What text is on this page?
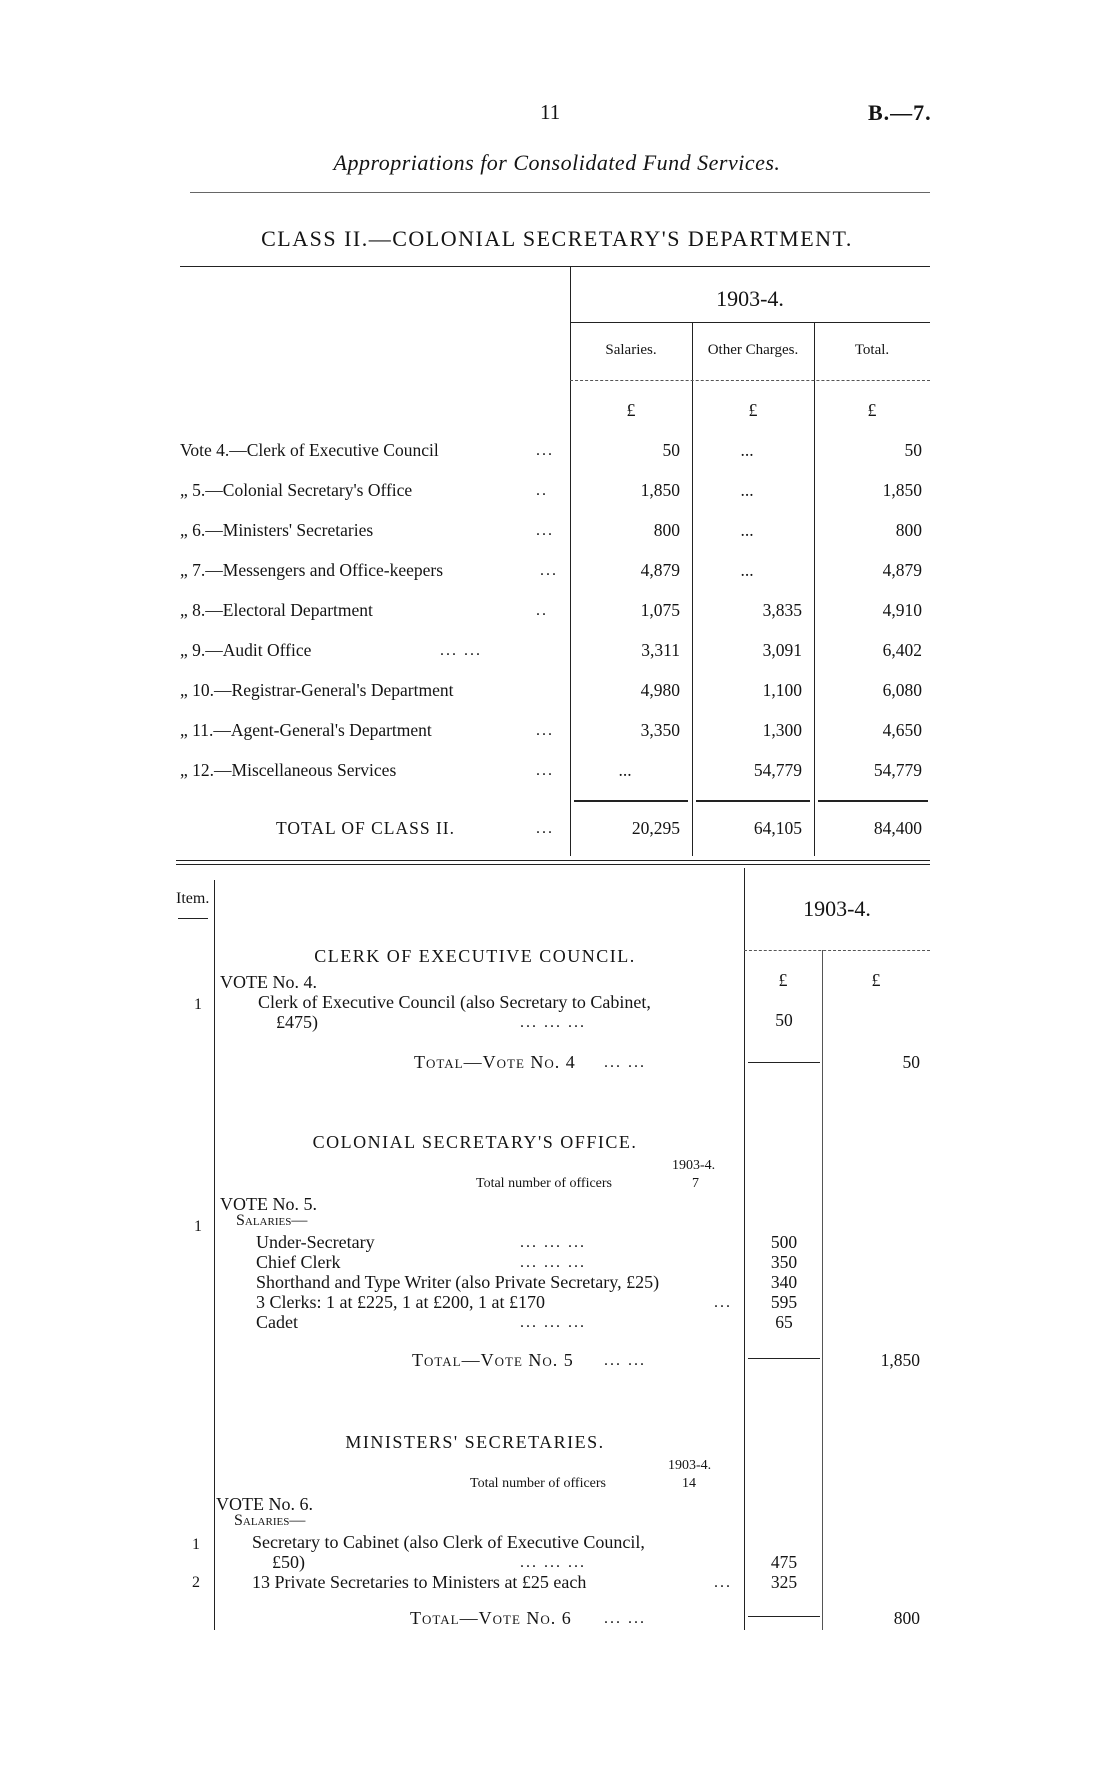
11	B.—7.
Appropriations for Consolidated Fund Services.
CLASS II.—COLONIAL SECRETARY'S DEPARTMENT.
1903-4.
Salaries.	Other Charges.	Total.
£	£	£
Vote 4.—Clerk of Executive Council	...	50	...	50
„ 5.—Colonial Secretary's Office	..	1,850	...	1,850
„ 6.—Ministers' Secretaries	...	800	...	800
„ 7.—Messengers and Office-keepers	...	4,879	...	4,879
„ 8.—Electoral Department	..	1,075	3,835	4,910
„ 9.—Audit Office	... ...	3,311	3,091	6,402
„ 10.—Registrar-General's Department	4,980	1,100	6,080
„ 11.—Agent-General's Department	...	3,350	1,300	4,650
„ 12.—Miscellaneous Services	...	...	54,779	54,779
TOTAL OF CLASS II.	...	20,295	64,105	84,400
Item.	1903-4.
CLERK OF EXECUTIVE COUNCIL.
VOTE No. 4.	£	£
1	Clerk of Executive Council (also Secretary to Cabinet,
£475)	... ... ...	50
Total—Vote No. 4 ... ...	50
COLONIAL SECRETARY'S OFFICE.
1903-4.
Total number of officers	7
VOTE No. 5.
1 Salaries—
Under-Secretary	... ... ...	500
Chief Clerk	... ... ...	350
Shorthand and Type Writer (also Private Secretary, £25)	340
3 Clerks: 1 at £225, 1 at £200, 1 at £170	...	595
Cadet	... ... ...	65
Total—Vote No. 5 ... ...	1,850
MINISTERS' SECRETARIES.
1903-4.
Total number of officers	14
VOTE No. 6.
Salaries—
1	Secretary to Cabinet (also Clerk of Executive Council,
£50)	... ... ...	475
2	13 Private Secretaries to Ministers at £25 each	...	325
Total—Vote No. 6 ... ...	800
